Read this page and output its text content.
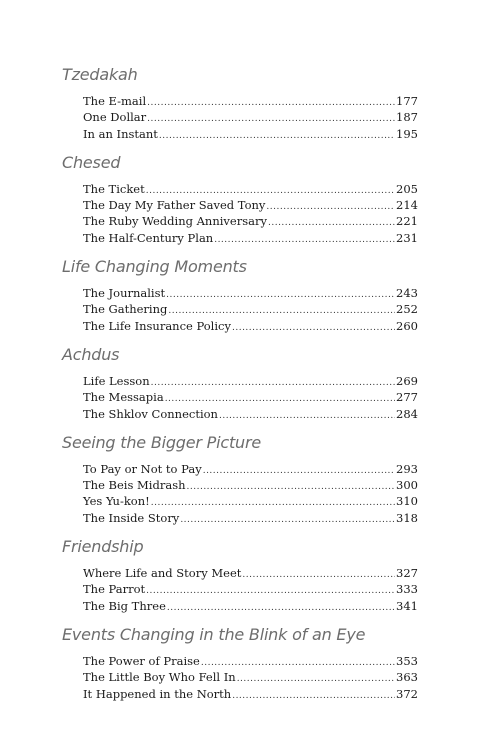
Tzedakah
The E-mail .....	177
One Dollar .....	187
In an Instant .....	195
Chesed
The Ticket .....	205
The Day My Father Saved Tony .....	214
The Ruby Wedding Anniversary .....	221
The Half-Century Plan .....	231
Life Changing Moments
The Journalist .....	243
The Gathering .....	252
The Life Insurance Policy .....	260
Achdus
Life Lesson .....	269
The Messapia .....	277
The Shklov Connection .....	284
Seeing the Bigger Picture
To Pay or Not to Pay .....	293
The Beis Midrash .....	300
Yes Yu-kon! .....	310
The Inside Story .....	318
Friendship
Where Life and Story Meet .....	327
The Parrot .....	333
The Big Three .....	341
Events Changing in the Blink of an Eye
The Power of Praise .....	353
The Little Boy Who Fell In .....	363
It Happened in the North .....	372
